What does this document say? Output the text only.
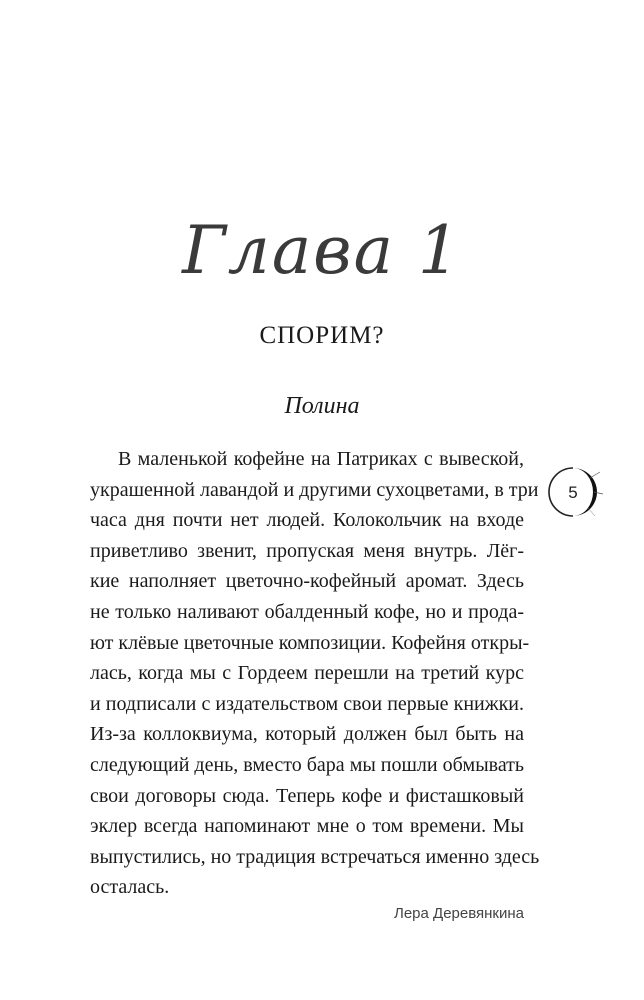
Глава 1
СПОРИМ?
Полина
В маленькой кофейне на Патриках с вывеской,
украшенной лавандой и другими сухоцветами, в три
часа дня почти нет людей. Колокольчик на входе
приветливо звенит, пропуская меня внутрь. Лёг-
кие наполняет цветочно-кофейный аромат. Здесь
не только наливают обалденный кофе, но и прода-
ют клёвые цветочные композиции. Кофейня откры-
лась, когда мы с Гордеем перешли на третий курс
и подписали с издательством свои первые книжки.
Из-за коллоквиума, который должен был быть на
следующий день, вместо бара мы пошли обмывать
свои договоры сюда. Теперь кофе и фисташковый
эклер всегда напоминают мне о том времени. Мы
выпустились, но традиция встречаться именно здесь
осталась.
5
Лера Деревянкина
